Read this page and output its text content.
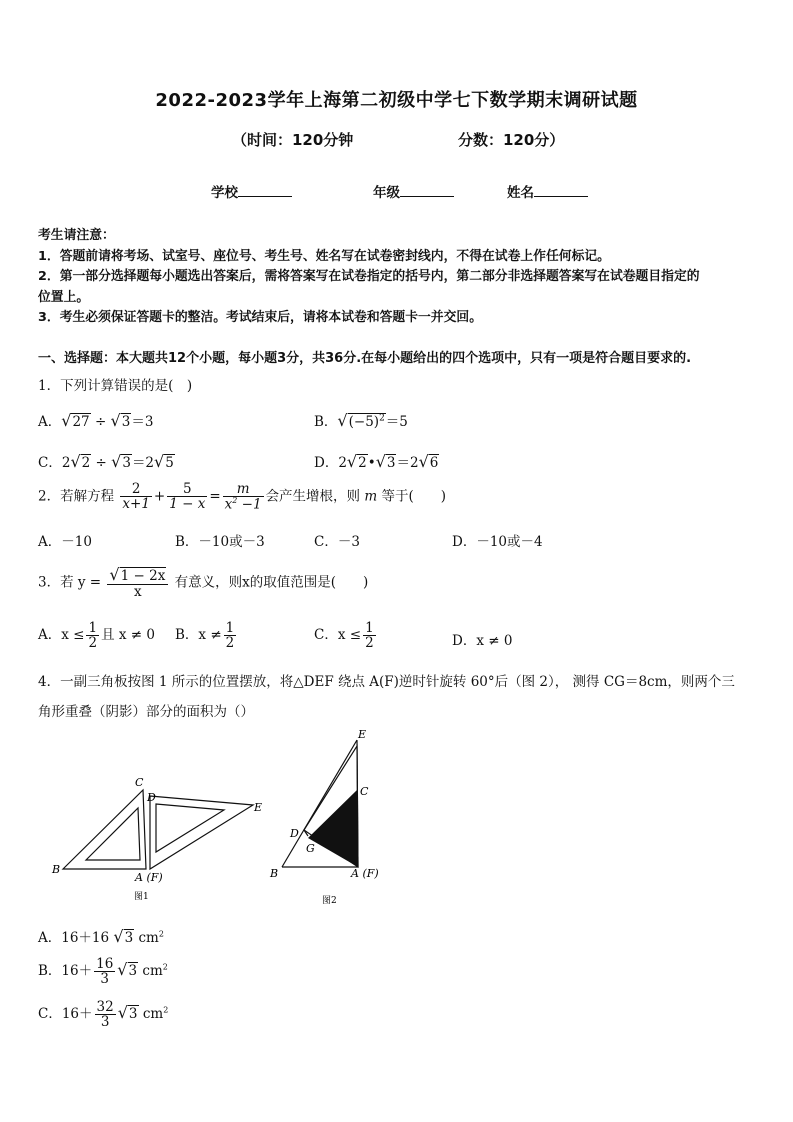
2022-2023学年上海第二初级中学七下数学期末调研试题
（时间：120分钟	分数：120分）
学校	年级	姓名
考生请注意：
1．答题前请将考场、试室号、座位号、考生号、姓名写在试卷密封线内，不得在试卷上作任何标记。
2．第一部分选择题每小题选出答案后，需将答案写在试卷指定的括号内，第二部分非选择题答案写在试卷题目指定的
位置上。
3．考生必须保证答题卡的整洁。考试结束后，请将本试卷和答题卡一并交回。
一、选择题：本大题共12个小题，每小题3分，共36分.在每小题给出的四个选项中，只有一项是符合题目要求的.
1．下列计算错误的是(　)
A．√27 ÷ √3＝3	B．$√(-5)^2=5$
C．2√2 ÷ √3＝2√5	D．2√2•√3＝2√6
2．若解方程 $\frac{2}{x+1} + \frac{5}{1 - x} = \frac{m}{x^2 -1}$ 会产生增根，则 m 等于(　　)
A．－10	B．－10或－3	C．－3	D．－10或－4
3．若 $y = \frac{√1 - 2x}{x}$ 有意义，则x的取值范围是(　　)
A．$x \le \frac{1}{2}$ 且 x ≠ 0 B．$x \ne \frac{1}{2}$	C．$x \le \frac{1}{2}$	D．x ≠ 0
4．一副三角板按图 1 所示的位置摆放，将△DEF 绕点 A(F)逆时针旋转 60°后（图 2）， 测得 CG＝8cm，则两个三
角形重叠（阴影）部分的面积为（）
B
C
D
E
A (F)
图1
E
C
D
G
B	A (F)
图2
A．16＋16 √3 $cm^2$
B．$16+ \frac{16}{3} √3$ $cm^2$
C．$16+ \frac{32}{3} √3$ $cm^2$
